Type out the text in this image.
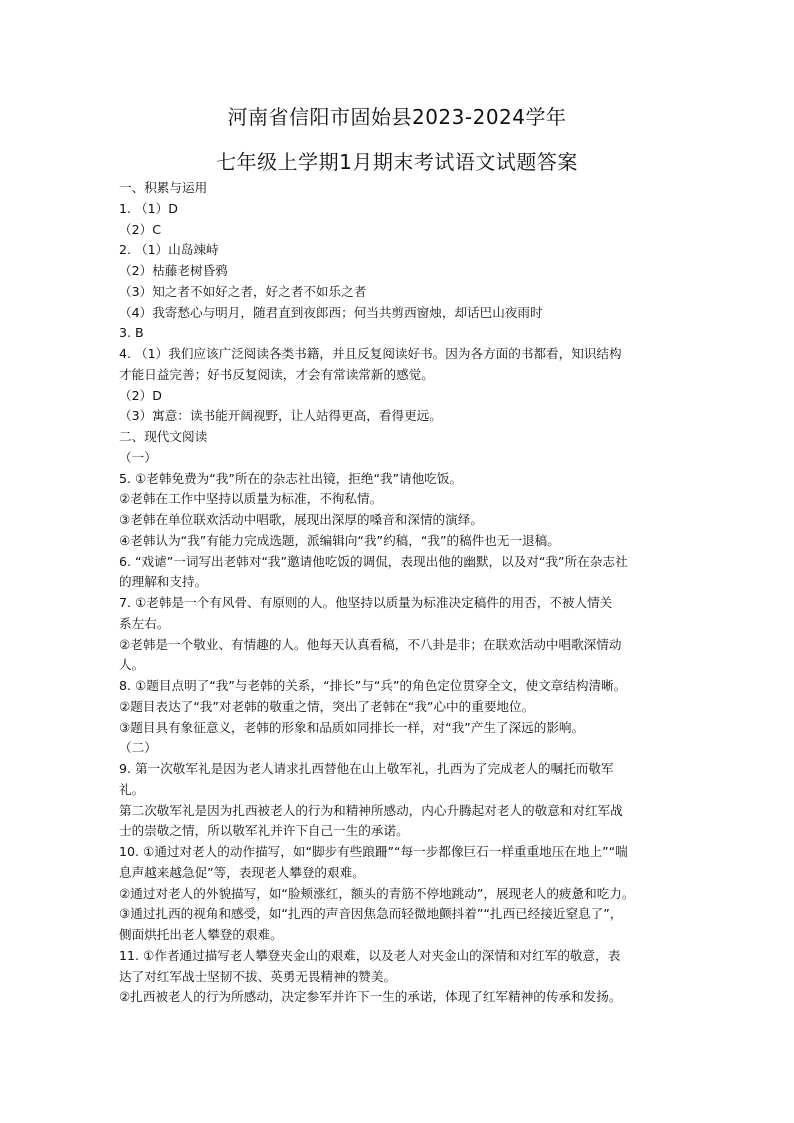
河南省信阳市固始县2023-2024学年
七年级上学期1月期末考试语文试题答案
一、积累与运用
1. （1）D
（2）C
2. （1）山岛竦峙
（2）枯藤老树昏鸦
（3）知之者不如好之者，好之者不如乐之者
（4）我寄愁心与明月，随君直到夜郎西；何当共剪西窗烛，却话巴山夜雨时
3. B
4. （1）我们应该广泛阅读各类书籍，并且反复阅读好书。因为各方面的书都看，知识结构
才能日益完善；好书反复阅读，才会有常读常新的感觉。
（2）D
（3）寓意：读书能开阔视野，让人站得更高，看得更远。
二、现代文阅读
（一）
5. ①老韩免费为“我”所在的杂志社出镜，拒绝“我”请他吃饭。
②老韩在工作中坚持以质量为标准，不徇私情。
③老韩在单位联欢活动中唱歌，展现出深厚的嗓音和深情的演绎。
④老韩认为“我”有能力完成选题，派编辑向“我”约稿，“我”的稿件也无一退稿。
6. “戏谑”一词写出老韩对“我”邀请他吃饭的调侃，表现出他的幽默，以及对“我”所在杂志社
的理解和支持。
7. ①老韩是一个有风骨、有原则的人。他坚持以质量为标准决定稿件的用否，不被人情关
系左右。
②老韩是一个敬业、有情趣的人。他每天认真看稿，不八卦是非；在联欢活动中唱歌深情动
人。
8. ①题目点明了“我”与老韩的关系，“排长”与“兵”的角色定位贯穿全文，使文章结构清晰。
②题目表达了“我”对老韩的敬重之情，突出了老韩在“我”心中的重要地位。
③题目具有象征意义，老韩的形象和品质如同排长一样，对“我”产生了深远的影响。
（二）
9. 第一次敬军礼是因为老人请求扎西替他在山上敬军礼，扎西为了完成老人的嘱托而敬军
礼。
第二次敬军礼是因为扎西被老人的行为和精神所感动，内心升腾起对老人的敬意和对红军战
士的崇敬之情，所以敬军礼并许下自己一生的承诺。
10. ①通过对老人的动作描写，如“脚步有些踉跚”“每一步都像巨石一样重重地压在地上”“喘
息声越来越急促”等，表现老人攀登的艰难。
②通过对老人的外貌描写，如“脸颊涨红，额头的青筋不停地跳动”，展现老人的疲惫和吃力。
③通过扎西的视角和感受，如“扎西的声音因焦急而轻微地颤抖着”“扎西已经接近窒息了”，
侧面烘托出老人攀登的艰难。
11. ①作者通过描写老人攀登夹金山的艰难，以及老人对夹金山的深情和对红军的敬意，表
达了对红军战士坚韧不拔、英勇无畏精神的赞美。
②扎西被老人的行为所感动，决定参军并许下一生的承诺，体现了红军精神的传承和发扬。
